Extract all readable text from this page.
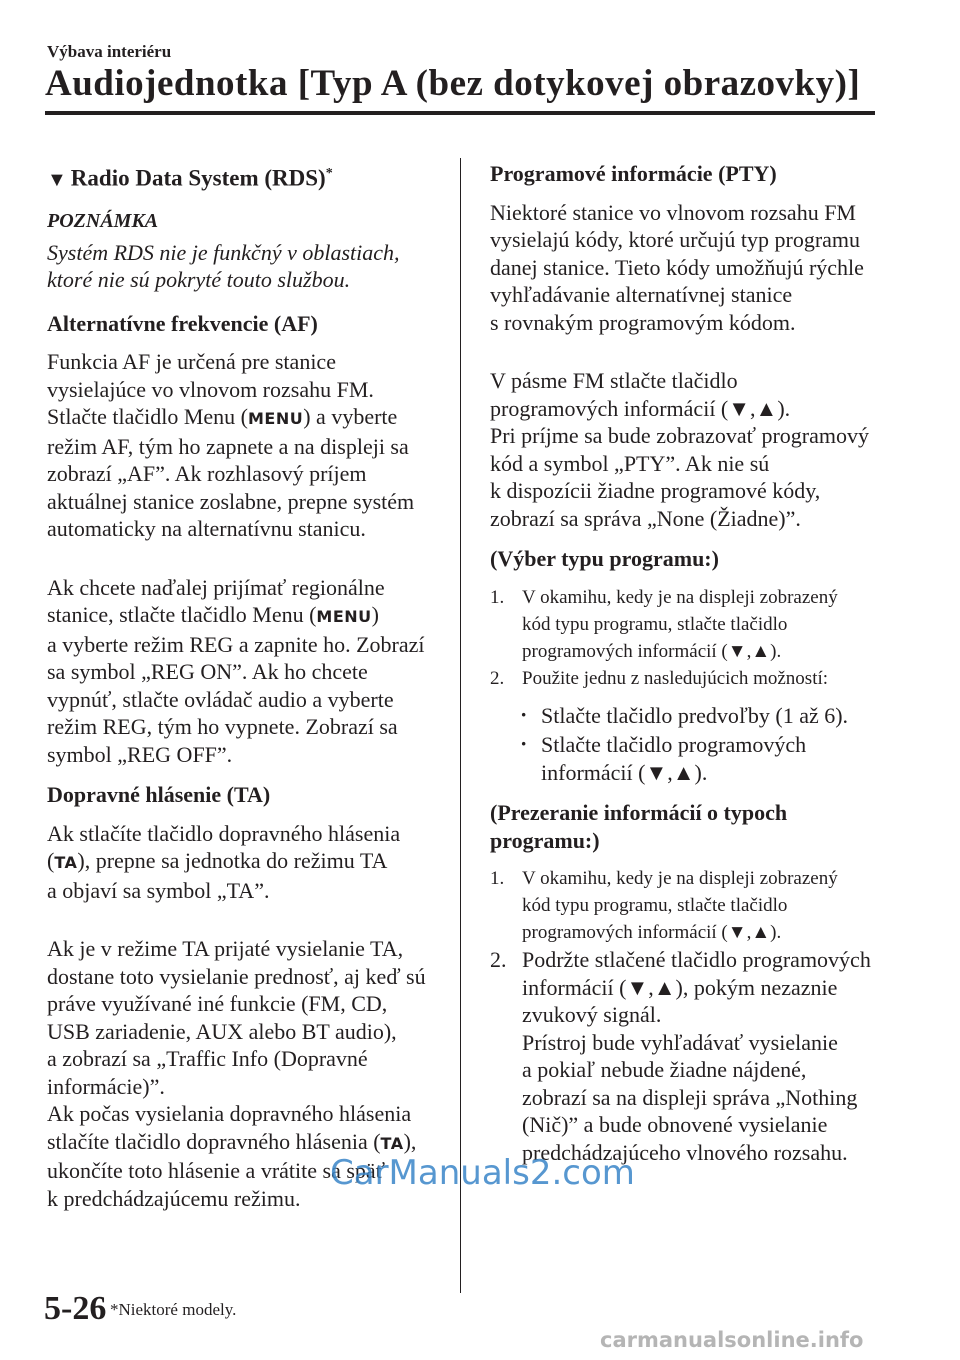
Výbava interiéru
Audiojednotka [Typ A (bez dotykovej obrazovky)]
▼ Radio Data System (RDS)*
POZNÁMKA
Systém RDS nie je funkčný v oblastiach,
ktoré nie sú pokryté touto službou.
Alternatívne frekvencie (AF)

Funkcia AF je určená pre stanice
vysielajúce vo vlnovom rozsahu FM.
Stlačte tlačidlo Menu (MENU) a vyberte
režim AF, tým ho zapnete a na displeji sa
zobrazí „AF”. Ak rozhlasový príjem
aktuálnej stanice zoslabne, prepne systém
automaticky na alternatívnu stanicu.

Ak chcete naďalej prijímať regionálne
stanice, stlačte tlačidlo Menu (MENU)
a vyberte režim REG a zapnite ho. Zobrazí
sa symbol „REG ON”. Ak ho chcete
vypnúť, stlačte ovládač audio a vyberte
režim REG, tým ho vypnete. Zobrazí sa
symbol „REG OFF”.

Dopravné hlásenie (TA)

Ak stlačíte tlačidlo dopravného hlásenia
(TA), prepne sa jednotka do režimu TA
a objaví sa symbol „TA”.

Ak je v režime TA prijaté vysielanie TA,
dostane toto vysielanie prednosť, aj keď sú
práve využívané iné funkcie (FM, CD,
USB zariadenie, AUX alebo BT audio),
a zobrazí sa „Traffic Info (Dopravné
informácie)”.
Ak počas vysielania dopravného hlásenia
stlačíte tlačidlo dopravného hlásenia (TA),
ukončíte toto hlásenie a vrátite sa späť
k predchádzajúcemu režimu.

Programové informácie (PTY)

Niektoré stanice vo vlnovom rozsahu FM
vysielajú kódy, ktoré určujú typ programu
danej stanice. Tieto kódy umožňujú rýchle
vyhľadávanie alternatívnej stanice
s rovnakým programovým kódom.

V pásme FM stlačte tlačidlo
programových informácií (▼,▲).
Pri príjme sa bude zobrazovať programový
kód a symbol „PTY”. Ak nie sú
k dispozícii žiadne programové kódy,
zobrazí sa správa „None (Žiadne)”.

(Výber typu programu:)
1. V okamihu, kedy je na displeji zobrazený
kód typu programu, stlačte tlačidlo
programových informácií (▼,▲).
2. Použite jednu z nasledujúcich možností:
· Stlačte tlačidlo predvoľby (1 až 6).
· Stlačte tlačidlo programových
informácií (▼,▲).
(Prezeranie informácií o typoch
programu:)
1. V okamihu, kedy je na displeji zobrazený
kód typu programu, stlačte tlačidlo
programových informácií (▼,▲).
2. Podržte stlačené tlačidlo programových
informácií (▼,▲), pokým nezaznie
zvukový signál.
Prístroj bude vyhľadávať vysielanie
a pokiaľ nebude žiadne nájdené,
zobrazí sa na displeji správa „Nothing
(Nič)” a bude obnovené vysielanie
predchádzajúceho vlnového rozsahu.
5-26 *Niektoré modely.
CarManuals2.com
carmanualsonline.info
